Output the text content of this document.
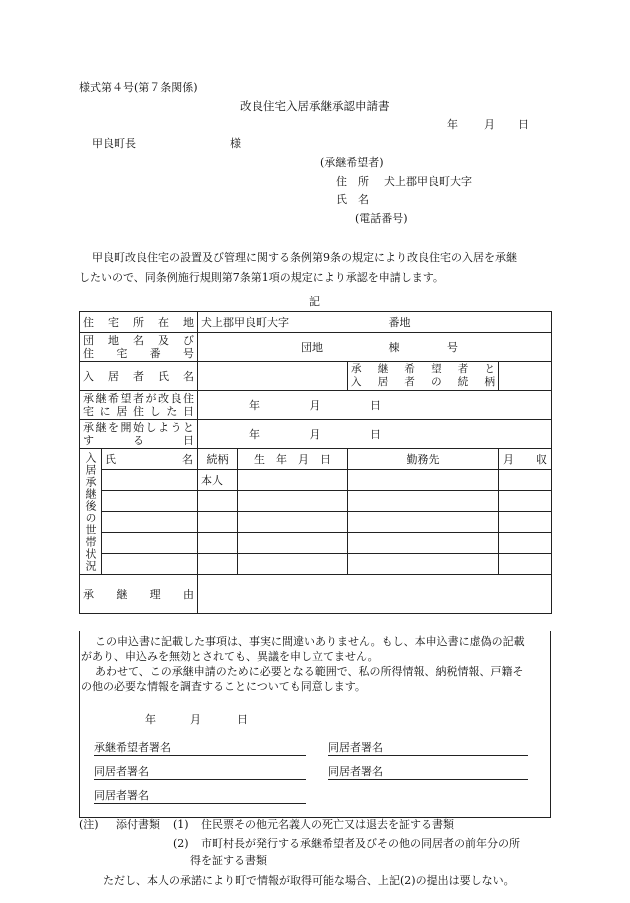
様式第４号(第７条関係)
改良住宅入居承継承認申請書
年 月 日
甲良町長	様
(承継希望者)
住　所 犬上郡甲良町大字
氏　名
(電話番号)
甲良町改良住宅の設置及び管理に関する条例第9条の規定により改良住宅の入居を承継
したいので、同条例施行規則第7条第1項の規定により承認を申請します。
記
住宅所在地		犬上郡甲良町大字 番地			

団地名及び
住宅番号		団地 棟 号			
入居者氏名				承継希望者と
入居者の続柄	

承継希望者が改良住
宅に居住した日		年 月 日			

承継を開始しようと
する日		年 月 日			
入居承継後の世帯状況	氏 名	続柄	生　年　月　日	勤務先	月　　収
		本人			

承継理由					

この申込書に記載した事項は、事実に間違いありません。もし、本申込書に虚偽の記載

があり、申込みを無効とされても、異議を申し立てません。

あわせて、この承継申請のために必要となる範囲で、私の所得情報、納税情報、戸籍そ

の他の必要な情報を調査することについても同意します。

年	月	日
承継希望者署名	同居者署名
同居者署名	同居者署名
同居者署名
(注) 添付書類 (1) 住民票その他元名義人の死亡又は退去を証する書類
(2) 市町村長が発行する承継希望者及びその他の同居者の前年分の所
得を証する書類
ただし、本人の承諾により町で情報が取得可能な場合、上記(2)の提出は要しない。
